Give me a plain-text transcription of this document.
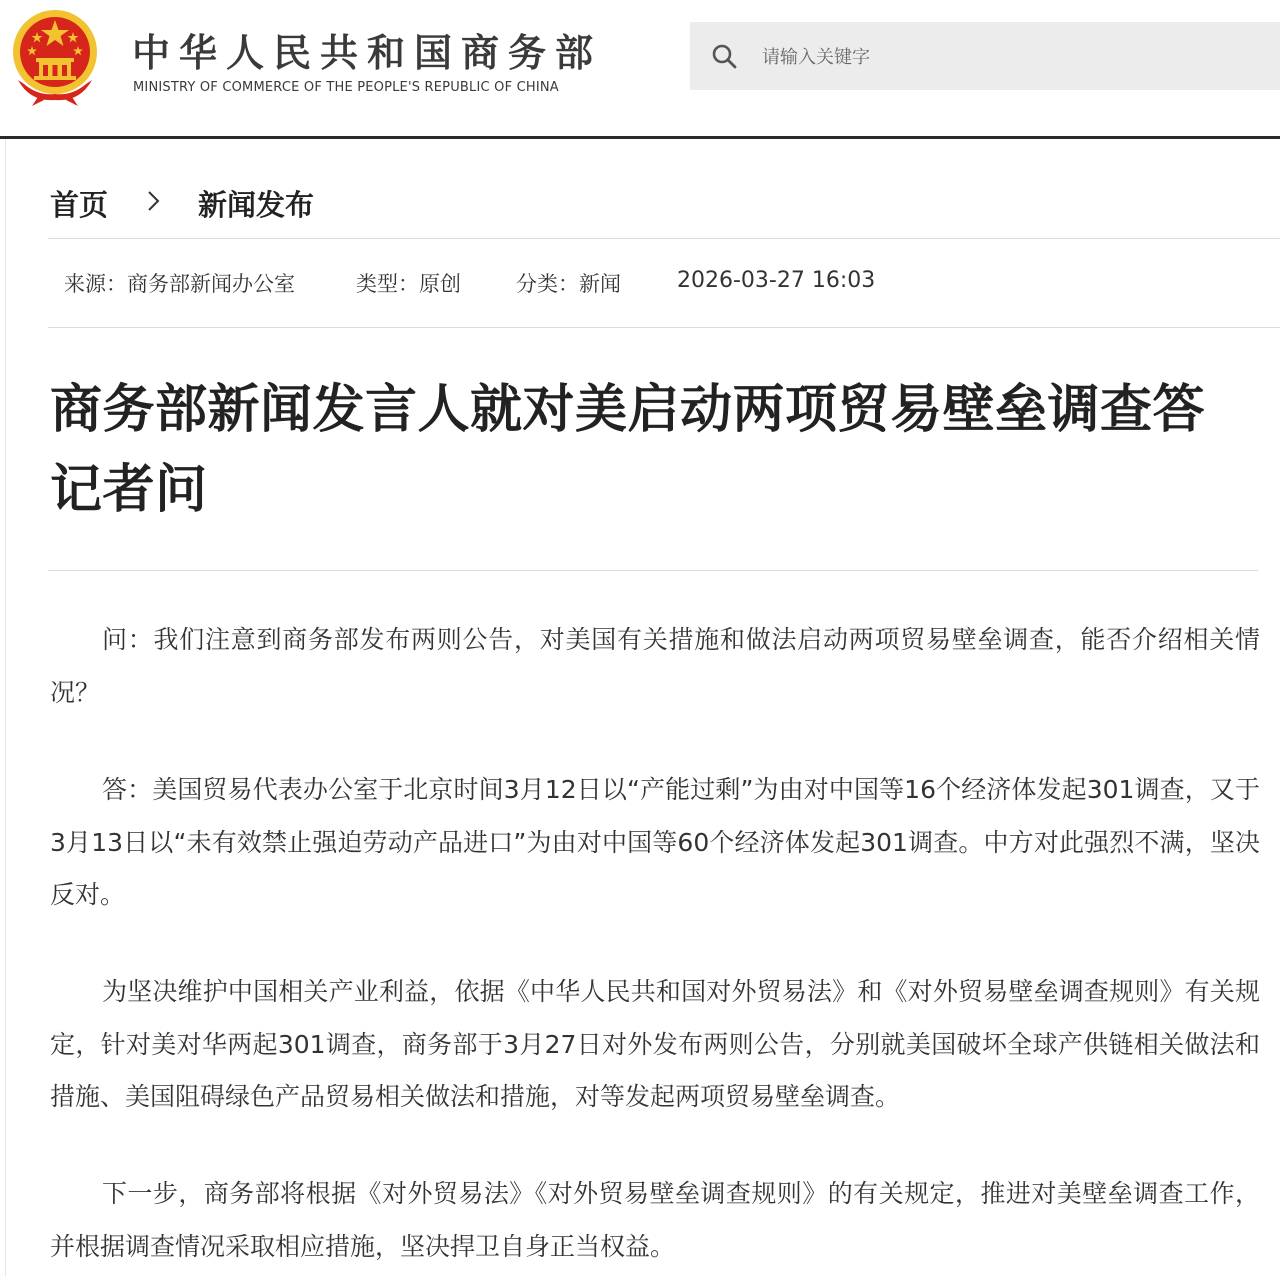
中华人民共和国商务部
MINISTRY OF COMMERCE OF THE PEOPLE'S REPUBLIC OF CHINA
请输入关键字
首页	新闻发布
来源：商务部新闻办公室	类型：原创	分类：新闻	2026-03-27 16:03
商务部新闻发言人就对美启动两项贸易壁垒调查答记者问

问：我们注意到商务部发布两则公告，对美国有关措施和做法启动两项贸易壁垒调查，能否介绍相关情况？

答：美国贸易代表办公室于北京时间3月12日以“产能过剩”为由对中国等16个经济体发起301调查，又于3月13日以“未有效禁止强迫劳动产品进口”为由对中国等60个经济体发起301调查。中方对此强烈不满，坚决反对。

为坚决维护中国相关产业利益，依据《中华人民共和国对外贸易法》和《对外贸易壁垒调查规则》有关规定，针对美对华两起301调查，商务部于3月27日对外发布两则公告，分别就美国破坏全球产供链相关做法和措施、美国阻碍绿色产品贸易相关做法和措施，对等发起两项贸易壁垒调查。

下一步，商务部将根据《对外贸易法》《对外贸易壁垒调查规则》的有关规定，推进对美壁垒调查工作，并根据调查情况采取相应措施，坚决捍卫自身正当权益。
